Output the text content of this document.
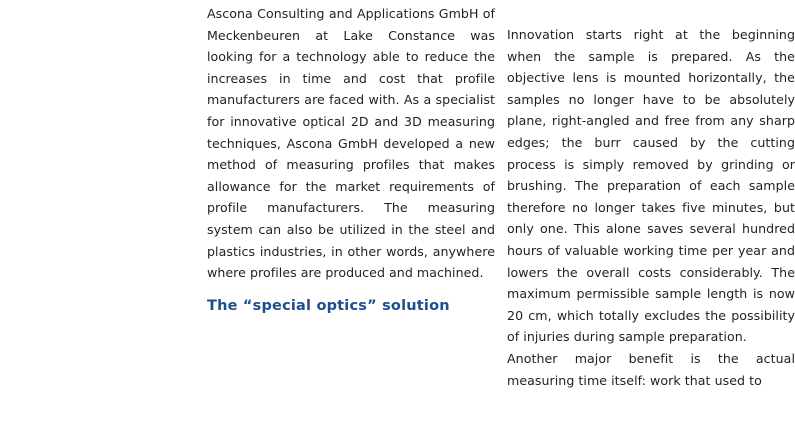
Ascona Consulting and Applications GmbH of Meckenbeuren at Lake Constance was looking for a technology able to reduce the increases in time and cost that profile manufacturers are faced with. As a specialist for innovative optical 2D and 3D measuring techniques, Ascona GmbH developed a new method of measuring profiles that makes allowance for the market requirements of profile manufacturers. The measuring system can also be utilized in the steel and plastics industries, in other words, anywhere where profiles are produced and machined.

The “special optics” solution

Innovation starts right at the beginning when the sample is prepared. As the objective lens is mounted horizontally, the samples no longer have to be absolutely plane, right-angled and free from any sharp edges; the burr caused by the cutting process is simply removed by grinding or brushing. The preparation of each sample therefore no longer takes five minutes, but only one. This alone saves several hundred hours of valuable working time per year and lowers the overall costs considerably. The maximum permissible sample length is now 20 cm, which totally excludes the possibility of injuries during sample preparation.

Another major benefit is the actual measuring time itself: work that used to
